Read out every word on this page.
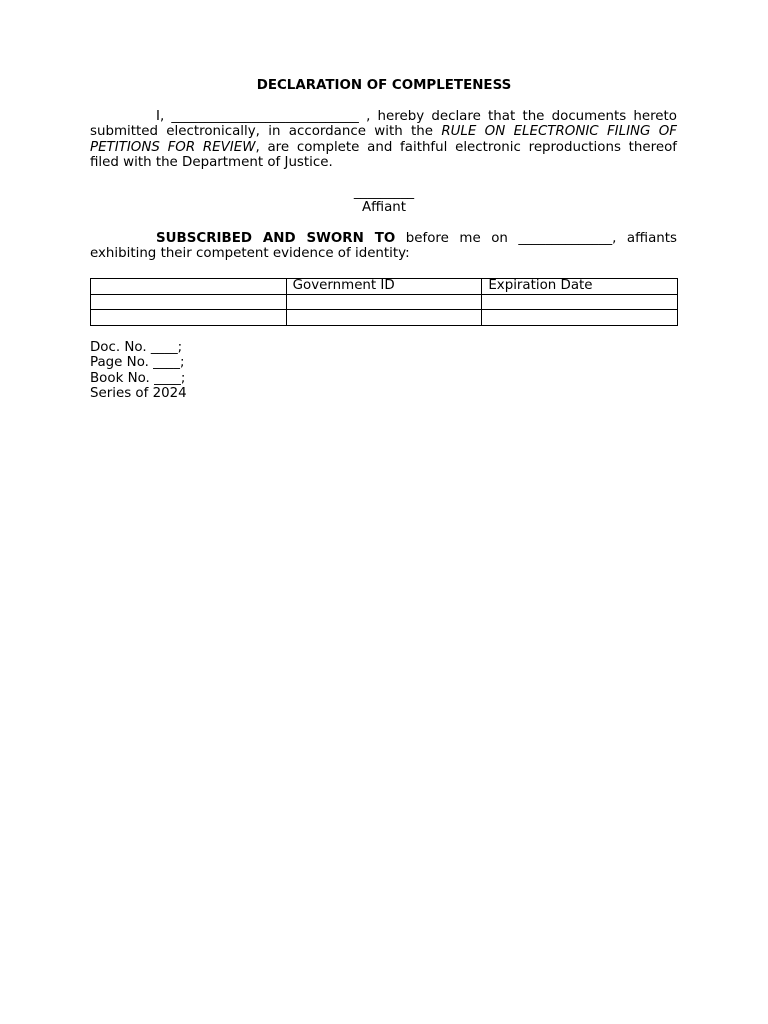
DECLARATION OF COMPLETENESS
I, ____________________________ , hereby declare that the documents hereto submitted electronically, in accordance with the RULE ON ELECTRONIC FILING OF PETITIONS FOR REVIEW, are complete and faithful electronic reproductions thereof filed with the Department of Justice.
_________
Affiant
SUBSCRIBED AND SWORN TO before me on ______________, affiants exhibiting their competent evidence of identity:
	Government ID	Expiration Date

Doc. No. ____;
Page No. ____;
Book No. ____;
Series of 2024
